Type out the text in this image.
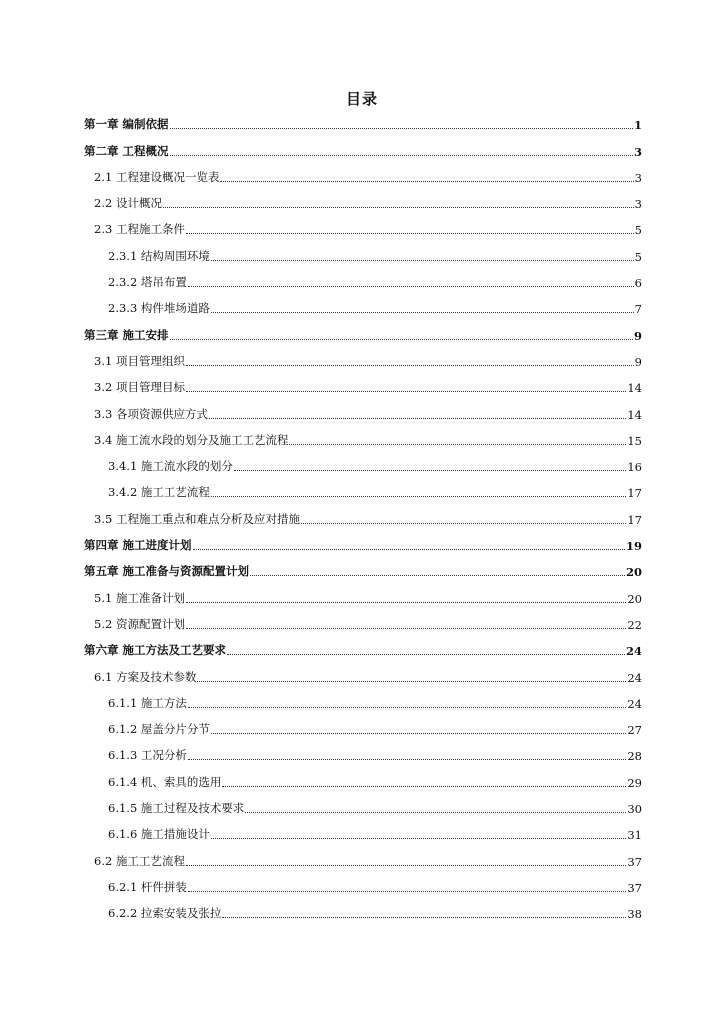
目录
第一章 编制依据	1
第二章 工程概况	3
2.1 工程建设概况一览表	3
2.2 设计概况	3
2.3 工程施工条件	5
2.3.1 结构周围环境	5
2.3.2 塔吊布置	6
2.3.3 构件堆场道路	7
第三章 施工安排	9
3.1 项目管理组织	9
3.2 项目管理目标	14
3.3 各项资源供应方式	14
3.4 施工流水段的划分及施工工艺流程	15
3.4.1 施工流水段的划分	16
3.4.2 施工工艺流程	17
3.5 工程施工重点和难点分析及应对措施	17
第四章 施工进度计划	19
第五章 施工准备与资源配置计划	20
5.1 施工准备计划	20
5.2 资源配置计划	22
第六章 施工方法及工艺要求	24
6.1 方案及技术参数	24
6.1.1 施工方法	24
6.1.2 屋盖分片分节	27
6.1.3 工况分析	28
6.1.4 机、索具的选用	29
6.1.5 施工过程及技术要求	30
6.1.6 施工措施设计	31
6.2 施工工艺流程	37
6.2.1 杆件拼装	37
6.2.2 拉索安装及张拉	38
